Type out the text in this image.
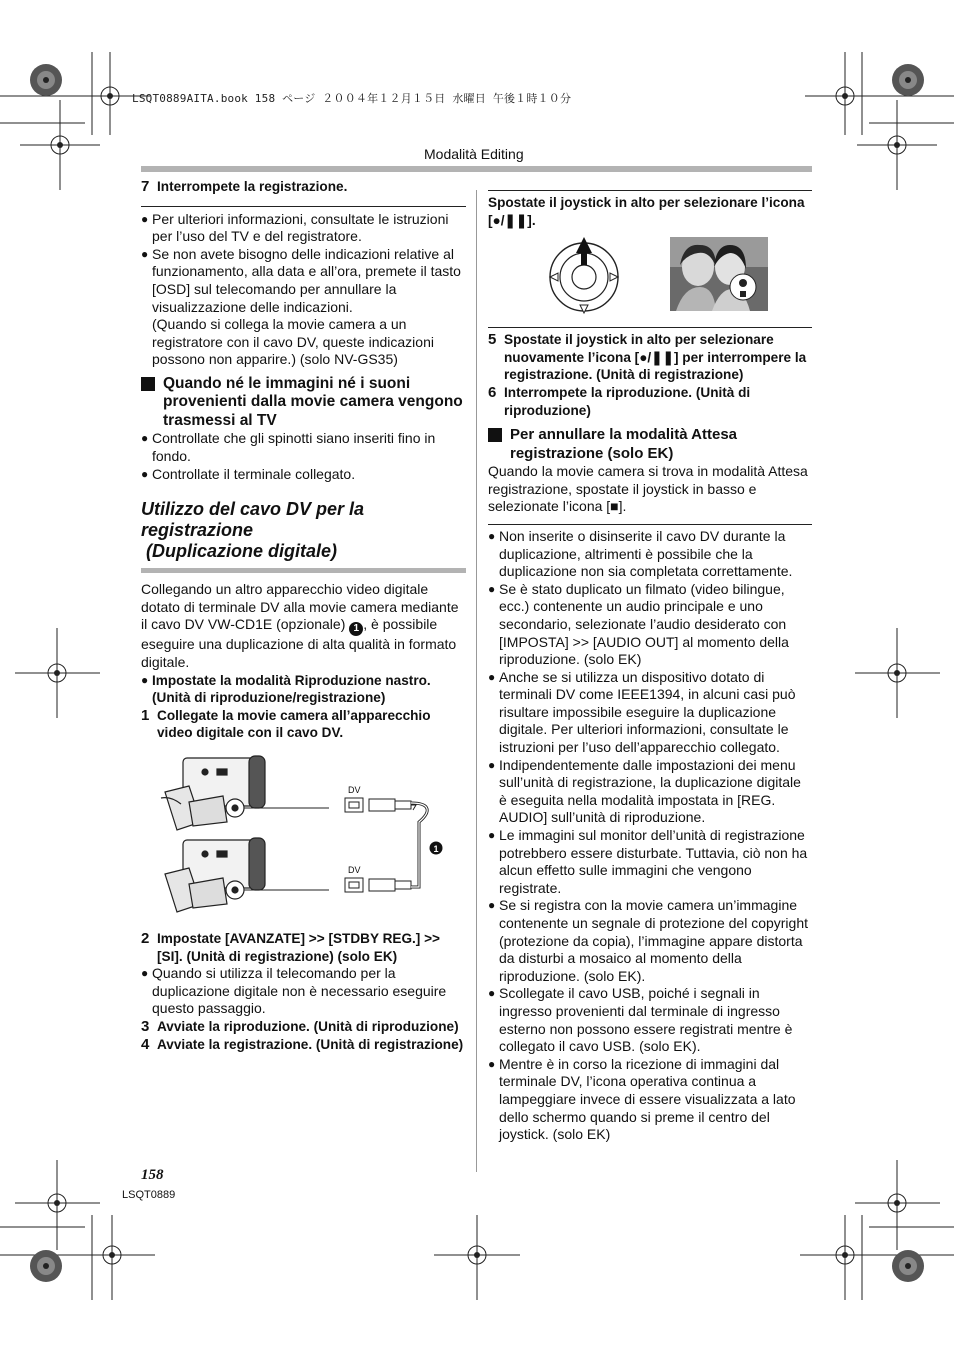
LSQT0889AITA.book 158 ページ ２００４年１２月１５日 水曜日 午後１時１０分
Modalità Editing
7 Interrompete la registrazione.
● Per ulteriori informazioni, consultate le istruzioni per l’uso del TV e del registratore.
● Se non avete bisogno delle indicazioni relative al funzionamento, alla data e all’ora, premete il tasto [OSD] sul telecomando per annullare la visualizzazione delle indicazioni.
(Quando si collega la movie camera a un registratore con il cavo DV, queste indicazioni possono non apparire.) (solo NV-GS35)
Quando né le immagini né i suoni provenienti dalla movie camera vengono trasmessi al TV
● Controllate che gli spinotti siano inseriti fino in fondo.
● Controllate il terminale collegato.
Utilizzo del cavo DV per la
registrazione
(Duplicazione digitale)

Collegando un altro apparecchio video digitale dotato di terminale DV alla movie camera mediante il cavo DV VW-CD1E (opzionale) 1 , è possibile eseguire una duplicazione di alta qualità in formato digitale.

● Impostate la modalità Riproduzione nastro. (Unità di riproduzione/registrazione)
1 Collegate la movie camera all’apparecchio video digitale con il cavo DV.
DV
DV
1
2 Impostate [AVANZATE] >> [STDBY REG.] >> [SI]. (Unità di registrazione) (solo EK)
● Quando si utilizza il telecomando per la duplicazione digitale non è necessario eseguire questo passaggio.
3 Avviate la riproduzione. (Unità di riproduzione)
4 Avviate la registrazione. (Unità di registrazione)
Spostate il joystick in alto per selezionare l’icona [●/❚❚].
5 Spostate il joystick in alto per selezionare nuovamente l’icona [●/❚❚] per interrompere la registrazione. (Unità di registrazione)
6 Interrompete la riproduzione. (Unità di riproduzione)
Per annullare la modalità Attesa registrazione (solo EK)

Quando la movie camera si trova in modalità Attesa registrazione, spostate il joystick in basso e selezionate l’icona [■].

● Non inserite o disinserite il cavo DV durante la duplicazione, altrimenti è possibile che la duplicazione non sia completata correttamente.
● Se è stato duplicato un filmato (video bilingue, ecc.) contenente un audio principale e uno secondario, selezionate l’audio desiderato con [IMPOSTA] >> [AUDIO OUT] al momento della riproduzione. (solo EK)
● Anche se si utilizza un dispositivo dotato di terminali DV come IEEE1394, in alcuni casi può risultare impossibile eseguire la duplicazione digitale. Per ulteriori informazioni, consultate le istruzioni per l’uso dell’apparecchio collegato.
● Indipendentemente dalle impostazioni dei menu sull’unità di registrazione, la duplicazione digitale è eseguita nella modalità impostata in [REG. AUDIO] sull’unità di riproduzione.
● Le immagini sul monitor dell’unità di registrazione potrebbero essere disturbate. Tuttavia, ciò non ha alcun effetto sulle immagini che vengono registrate.
● Se si registra con la movie camera un’immagine contenente un segnale di protezione del copyright (protezione da copia), l’immagine appare distorta da disturbi a mosaico al momento della riproduzione. (solo EK).
● Scollegate il cavo USB, poiché i segnali in ingresso provenienti dal terminale di ingresso esterno non possono essere registrati mentre è collegato il cavo USB. (solo EK).
● Mentre è in corso la ricezione di immagini dal terminale DV, l’icona operativa continua a lampeggiare invece di essere visualizzata a lato dello schermo quando si preme il centro del joystick. (solo EK)
158
LSQT0889
